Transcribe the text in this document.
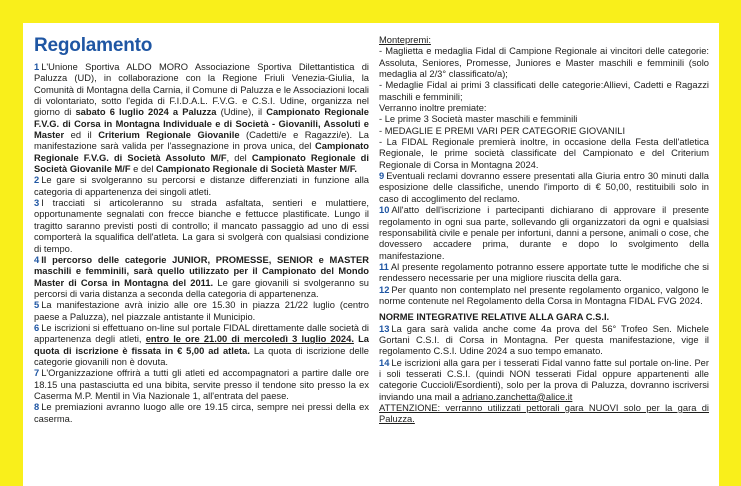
Regolamento

1 L'Unione Sportiva ALDO MORO Associazione Sportiva Dilettantistica di Paluzza (UD), in collaborazione con la Regione Friuli Venezia-Giulia, la Comunità di Montagna della Carnia, il Comune di Paluzza e le Associazioni locali di volontariato, sotto l'egida di F.I.D.A.L. F.V.G. e C.S.I. Udine, organizza nel giorno di sabato 6 luglio 2024 a Paluzza (Udine), il Campionato Regionale F.V.G. di Corsa in Montagna Individuale e di Società - Giovanili, Assoluti e Master ed il Criterium Regionale Giovanile (Cadetti/e e Ragazzi/e). La manifestazione sarà valida per l'assegnazione in prova unica, del Campionato Regionale F.V.G. di Società Assoluto M/F, del Campionato Regionale di Società Giovanile M/F e del Campionato Regionale di Società Master M/F.

2 Le gare si svolgeranno su percorsi e distanze differenziati in funzione alla categoria di appartenenza dei singoli atleti.

3 I tracciati si articoleranno su strada asfaltata, sentieri e mulattiere, opportunamente segnalati con frecce bianche e fettucce plastificate. Lungo il tragitto saranno previsti posti di controllo; il mancato passaggio ad uno di essi comporterà la squalifica dell'atleta. La gara si svolgerà con qualsiasi condizione di tempo.

4 Il percorso delle categorie JUNIOR, PROMESSE, SENIOR e MASTER maschili e femminili, sarà quello utilizzato per il Campionato del Mondo Master di Corsa in Montagna del 2011. Le gare giovanili si svolgeranno su percorsi di varia distanza a seconda della categoria di appartenenza.

5 La manifestazione avrà inizio alle ore 15.30 in piazza 21/22 luglio (centro paese a Paluzza), nel piazzale antistante il Municipio.

6 Le iscrizioni si effettuano on-line sul portale FIDAL direttamente dalle società di appartenenza degli atleti, entro le ore 21.00 di mercoledì 3 luglio 2024. La quota di iscrizione è fissata in € 5,00 ad atleta. La quota di iscrizione delle categorie giovanili non è dovuta.

7 L'Organizzazione offrirà a tutti gli atleti ed accompagnatori a partire dalle ore 18.15 una pastasciutta ed una bibita, servite presso il tendone sito presso la ex Caserma M.P. Mentil in Via Nazionale 1, all'entrata del paese.

8 Le premiazioni avranno luogo alle ore 19.15 circa, sempre nei pressi della ex caserma.

Montepremi:

- Maglietta e medaglia Fidal di Campione Regionale ai vincitori delle categorie: Assoluta, Seniores, Promesse, Juniores e Master maschili e femminili (solo medaglia al 2/3° classificato/a);

- Medaglie Fidal ai primi 3 classificati delle categorie:Allievi, Cadetti e Ragazzi maschili e femminili;

Verranno inoltre premiate:

- Le prime 3 Società master maschili e femminili

- MEDAGLIE E PREMI VARI PER CATEGORIE GIOVANILI

- La FIDAL Regionale premierà inoltre, in occasione della Festa dell'atletica Regionale, le prime società classificate del Campionato e del Criterium Regionale di Corsa in Montagna 2024.

9 Eventuali reclami dovranno essere presentati alla Giuria entro 30 minuti dalla esposizione delle classifiche, unendo l'importo di € 50,00, restituibili solo in caso di accoglimento del reclamo.

10 All'atto dell'iscrizione i partecipanti dichiarano di approvare il presente regolamento in ogni sua parte, sollevando gli organizzatori da ogni e qualsiasi responsabilità civile e penale per infortuni, danni a persone, animali o cose, che dovessero accadere prima, durante e dopo lo svolgimento della manifestazione.

11 Al presente regolamento potranno essere apportate tutte le modifiche che si rendessero necessarie per una migliore riuscita della gara.

12 Per quanto non contemplato nel presente regolamento organico, valgono le norme contenute nel Regolamento della Corsa in Montagna FIDAL FVG 2024.

NORME INTEGRATIVE RELATIVE ALLA GARA C.S.I.

13 La gara sarà valida anche come 4a prova del 56° Trofeo Sen. Michele Gortani C.S.I. di Corsa in Montagna. Per questa manifestazione, vige il regolamento C.S.I. Udine 2024 a suo tempo emanato.

14 Le iscrizioni alla gara per i tesserati Fidal vanno fatte sul portale on-line. Per i soli tesserati C.S.I. (quindi NON tesserati Fidal oppure appartenenti alle categorie Cuccioli/Esordienti), solo per la prova di Paluzza, dovranno iscriversi inviando una mail a adriano.zanchetta@alice.it

ATTENZIONE: verranno utilizzati pettorali gara NUOVI solo per la gara di Paluzza.
